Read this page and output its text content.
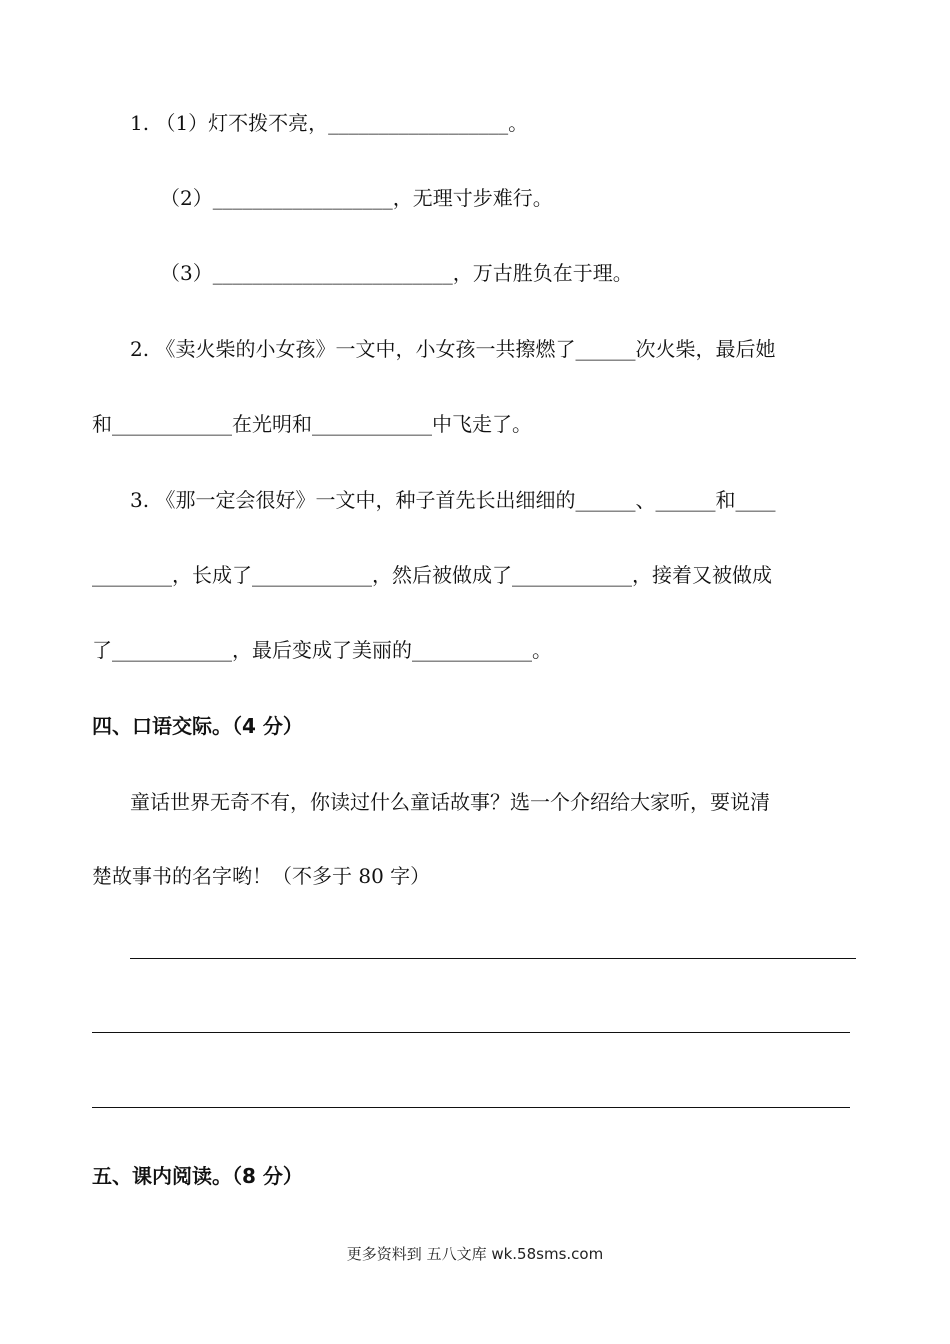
1. （1）灯不拨不亮，__________________。
（2）__________________，无理寸步难行。
（3）________________________，万古胜负在于理。
2. 《卖火柴的小女孩》一文中，小女孩一共擦燃了______次火柴，最后她
和____________在光明和____________中飞走了。
3. 《那一定会很好》一文中，种子首先长出细细的______、______和____
________，长成了____________，然后被做成了____________，接着又被做成
了____________，最后变成了美丽的____________。
四、口语交际。（4 分）
童话世界无奇不有，你读过什么童话故事？选一个介绍给大家听，要说清
楚故事书的名字哟！（不多于 80 字）
五、课内阅读。（8 分）
更多资料到 五八文库 wk.58sms.com
